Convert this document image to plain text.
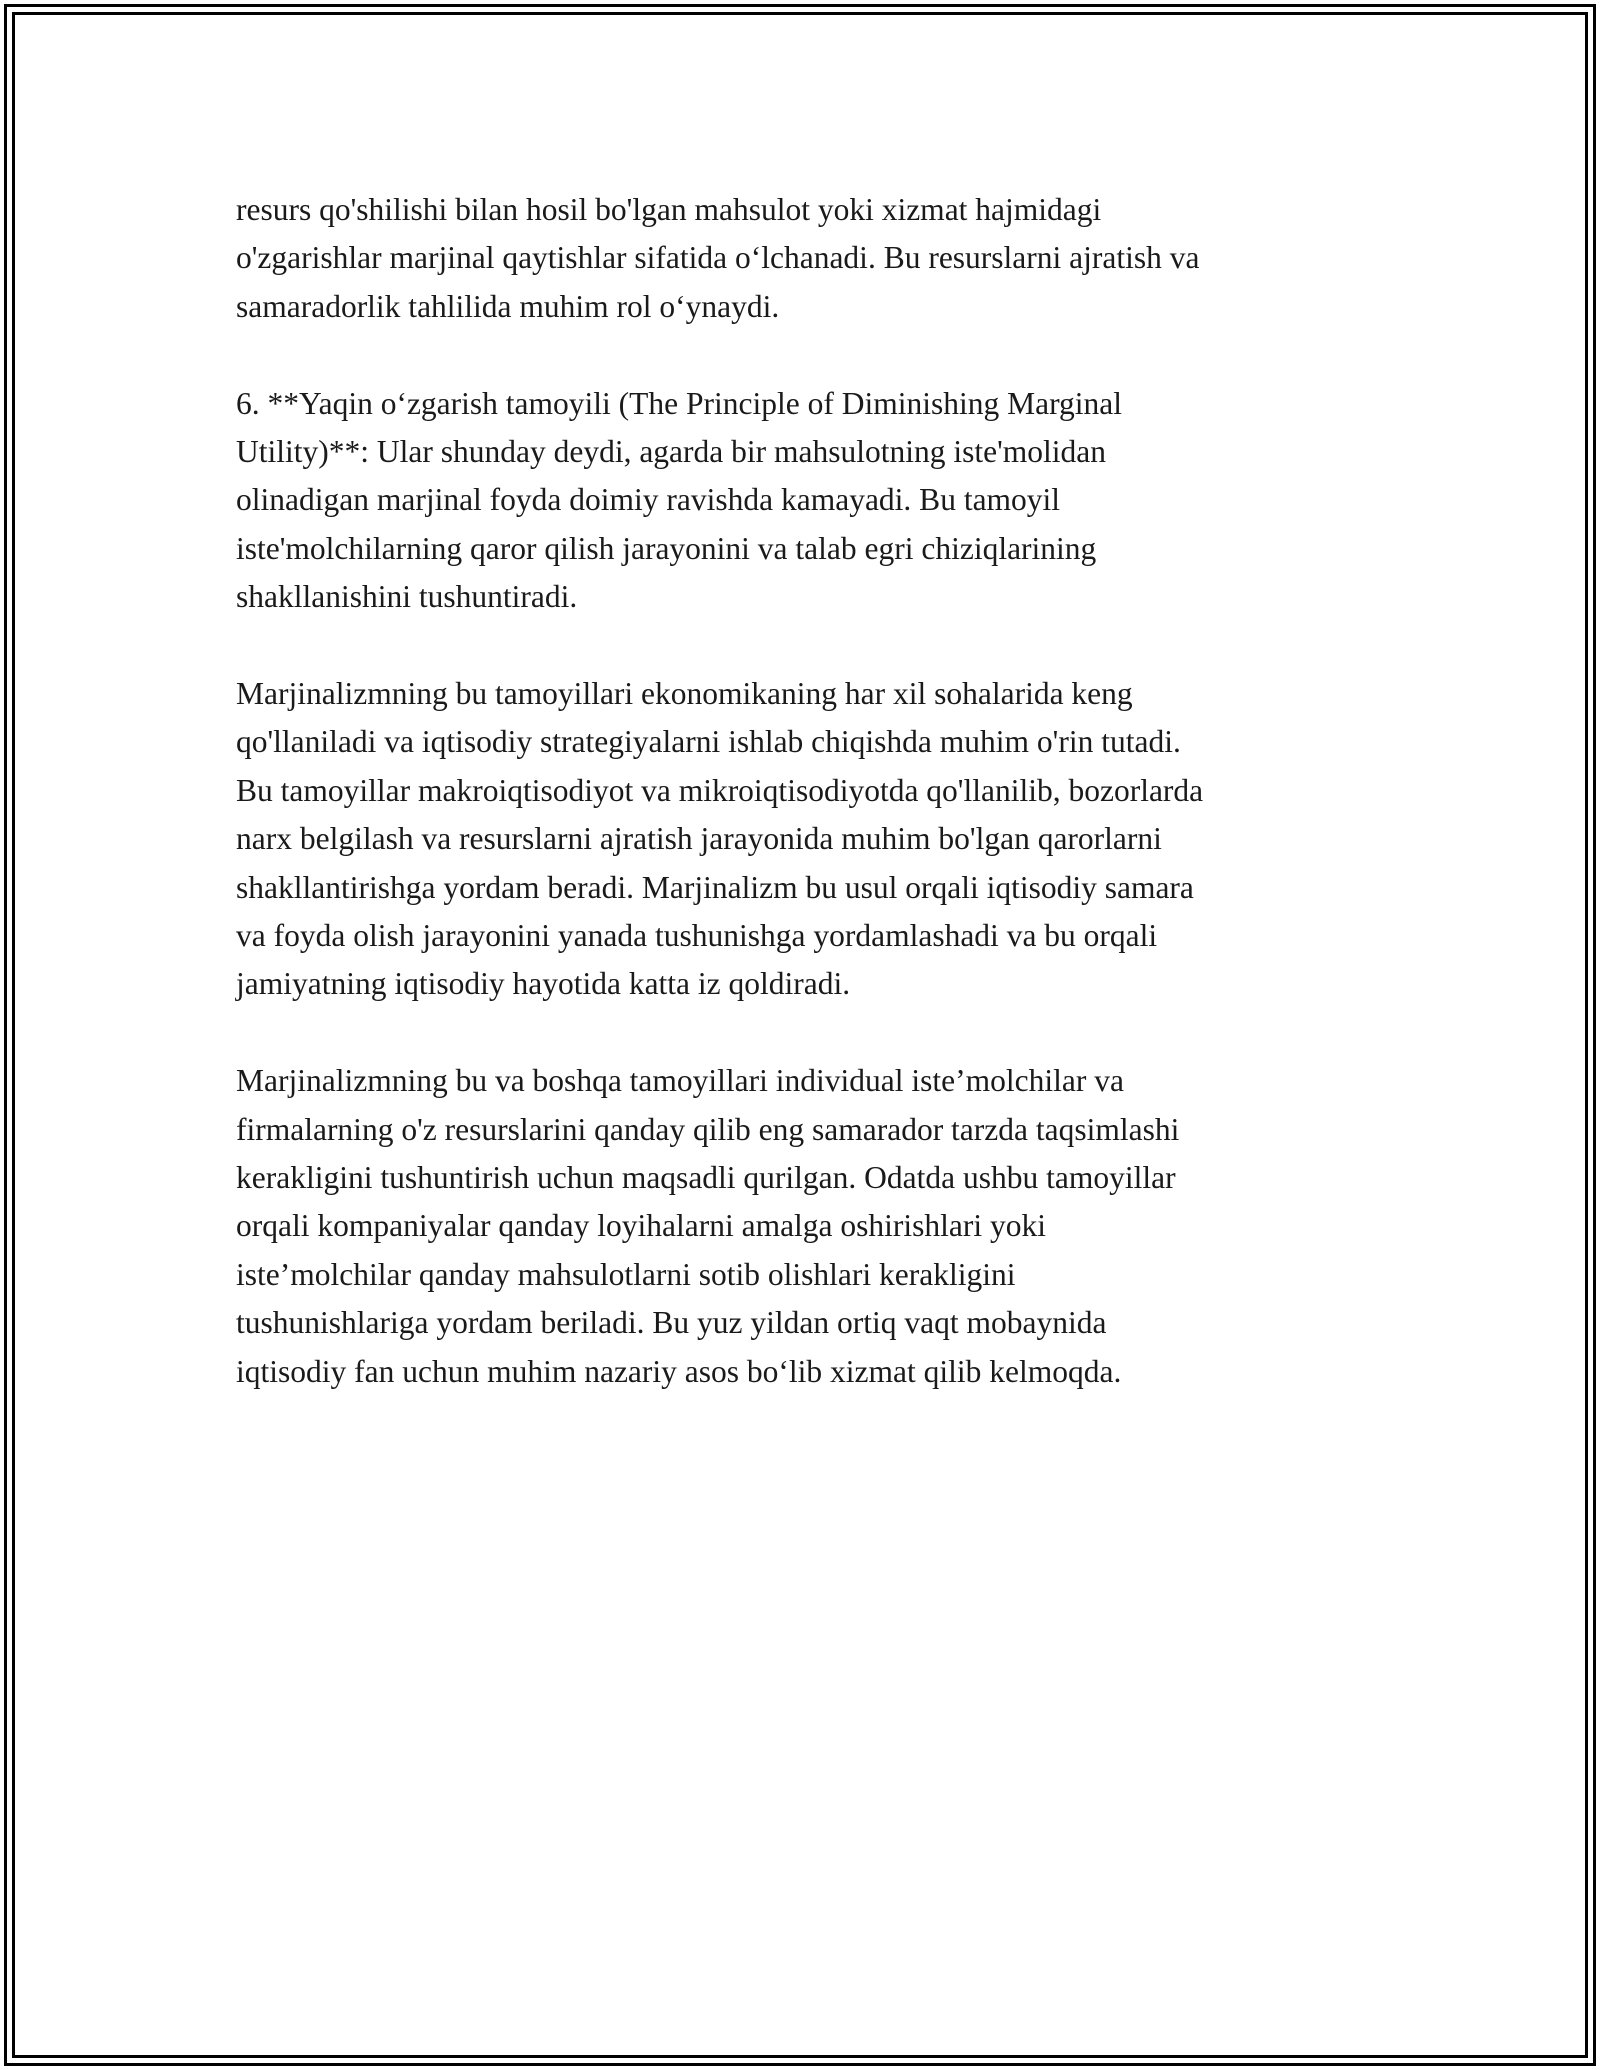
resurs qo'shilishi bilan hosil bo'lgan mahsulot yoki xizmat hajmidagi
o'zgarishlar marjinal qaytishlar sifatida o‘lchanadi. Bu resurslarni ajratish va
samaradorlik tahlilida muhim rol o‘ynaydi.

6. **Yaqin o‘zgarish tamoyili (The Principle of Diminishing Marginal
Utility)**: Ular shunday deydi, agarda bir mahsulotning iste'molidan
olinadigan marjinal foyda doimiy ravishda kamayadi. Bu tamoyil
iste'molchilarning qaror qilish jarayonini va talab egri chiziqlarining
shakllanishini tushuntiradi.

Marjinalizmning bu tamoyillari ekonomikaning har xil sohalarida keng
qo'llaniladi va iqtisodiy strategiyalarni ishlab chiqishda muhim o'rin tutadi.
Bu tamoyillar makroiqtisodiyot va mikroiqtisodiyotda qo'llanilib, bozorlarda
narx belgilash va resurslarni ajratish jarayonida muhim bo'lgan qarorlarni
shakllantirishga yordam beradi. Marjinalizm bu usul orqali iqtisodiy samara
va foyda olish jarayonini yanada tushunishga yordamlashadi va bu orqali
jamiyatning iqtisodiy hayotida katta iz qoldiradi.

Marjinalizmning bu va boshqa tamoyillari individual iste’molchilar va
firmalarning o'z resurslarini qanday qilib eng samarador tarzda taqsimlashi
kerakligini tushuntirish uchun maqsadli qurilgan. Odatda ushbu tamoyillar
orqali kompaniyalar qanday loyihalarni amalga oshirishlari yoki
iste’molchilar qanday mahsulotlarni sotib olishlari kerakligini
tushunishlariga yordam beriladi. Bu yuz yildan ortiq vaqt mobaynida
iqtisodiy fan uchun muhim nazariy asos bo‘lib xizmat qilib kelmoqda.
